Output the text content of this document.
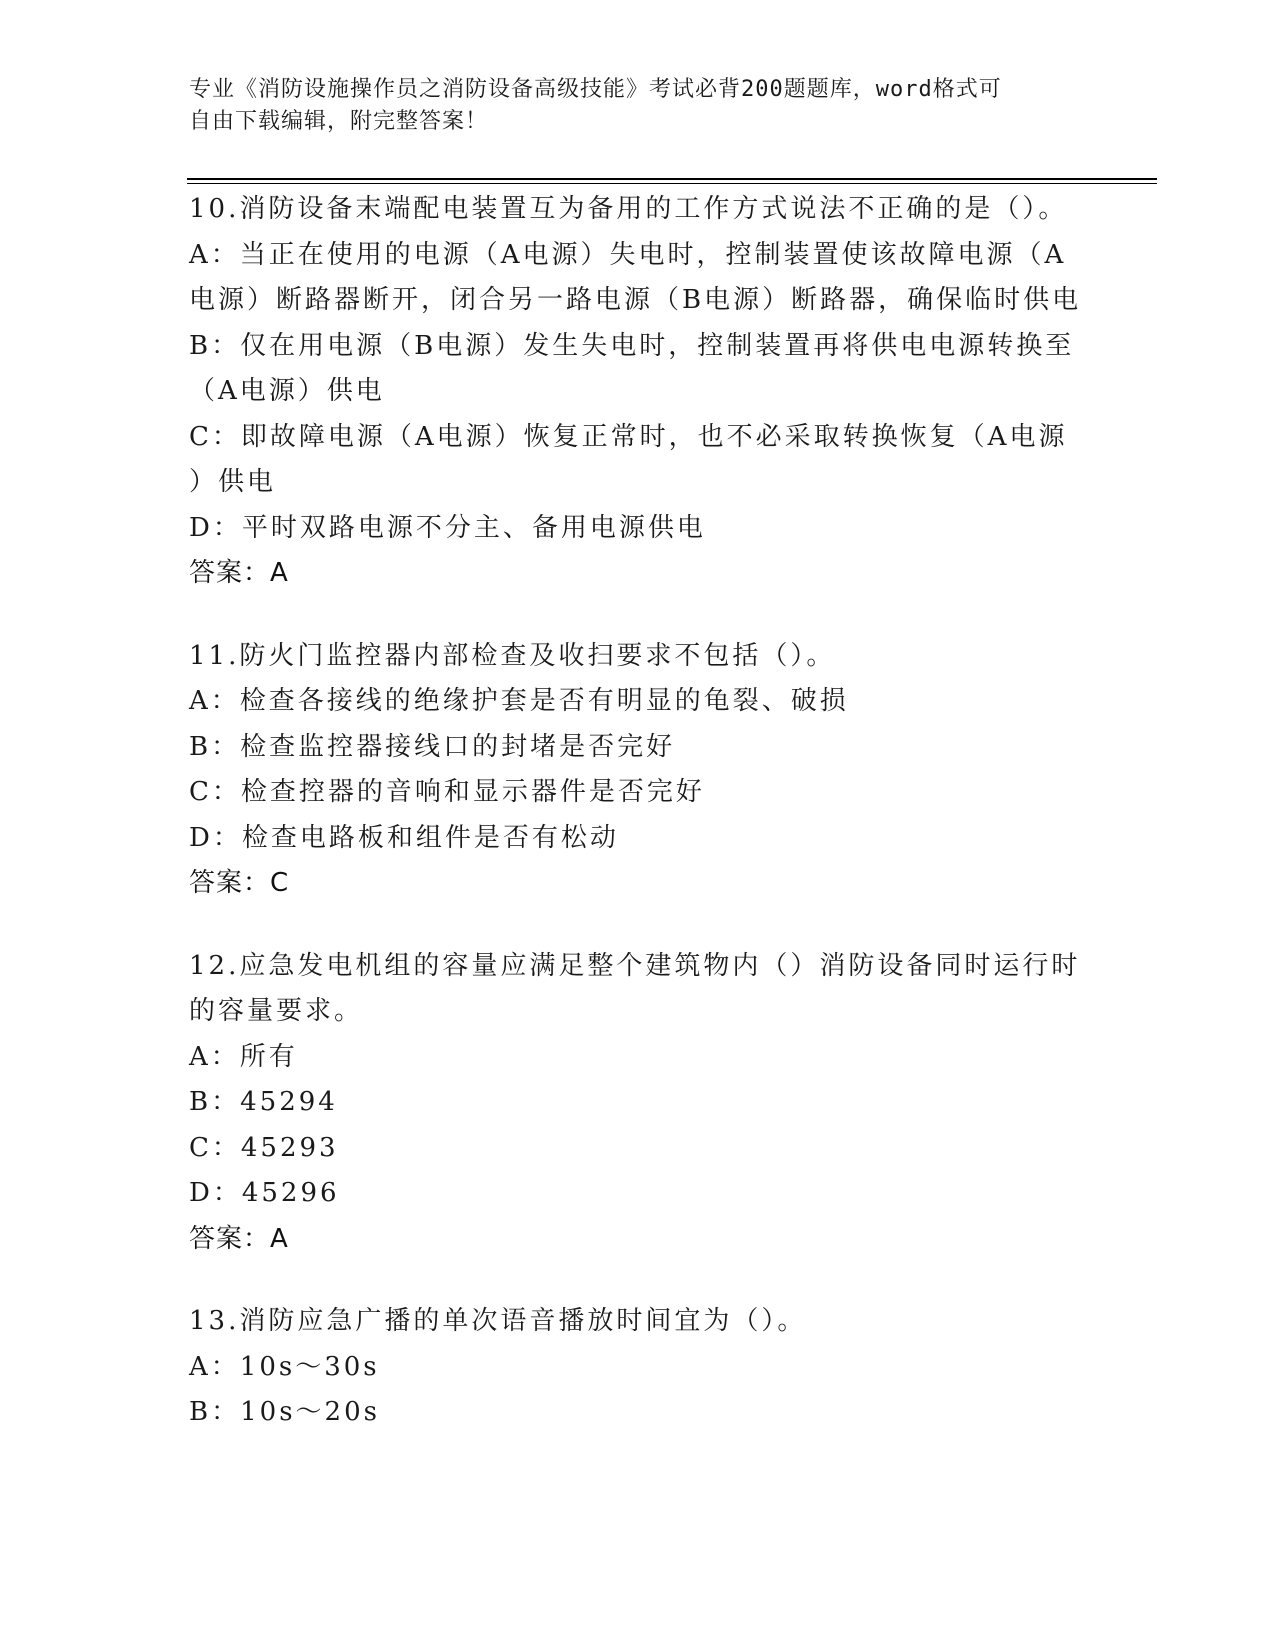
专业《消防设施操作员之消防设备高级技能》考试必背200题题库，word格式可
自由下载编辑，附完整答案！
10.消防设备末端配电装置互为备用的工作方式说法不正确的是（）。
A：当正在使用的电源（A电源）失电时，控制装置使该故障电源（A
电源）断路器断开，闭合另一路电源（B电源）断路器，确保临时供电
B：仅在用电源（B电源）发生失电时，控制装置再将供电电源转换至
（A电源）供电
C：即故障电源（A电源）恢复正常时，也不必采取转换恢复（A电源
）供电
D：平时双路电源不分主、备用电源供电
答案：A
11.防火门监控器内部检查及收扫要求不包括（）。
A：检查各接线的绝缘护套是否有明显的龟裂、破损
B：检查监控器接线口的封堵是否完好
C：检查控器的音响和显示器件是否完好
D：检查电路板和组件是否有松动
答案：C
12.应急发电机组的容量应满足整个建筑物内（）消防设备同时运行时
的容量要求。
A：所有
B：45294
C：45293
D：45296
答案：A
13.消防应急广播的单次语音播放时间宜为（）。
A：10s～30s
B：10s～20s
